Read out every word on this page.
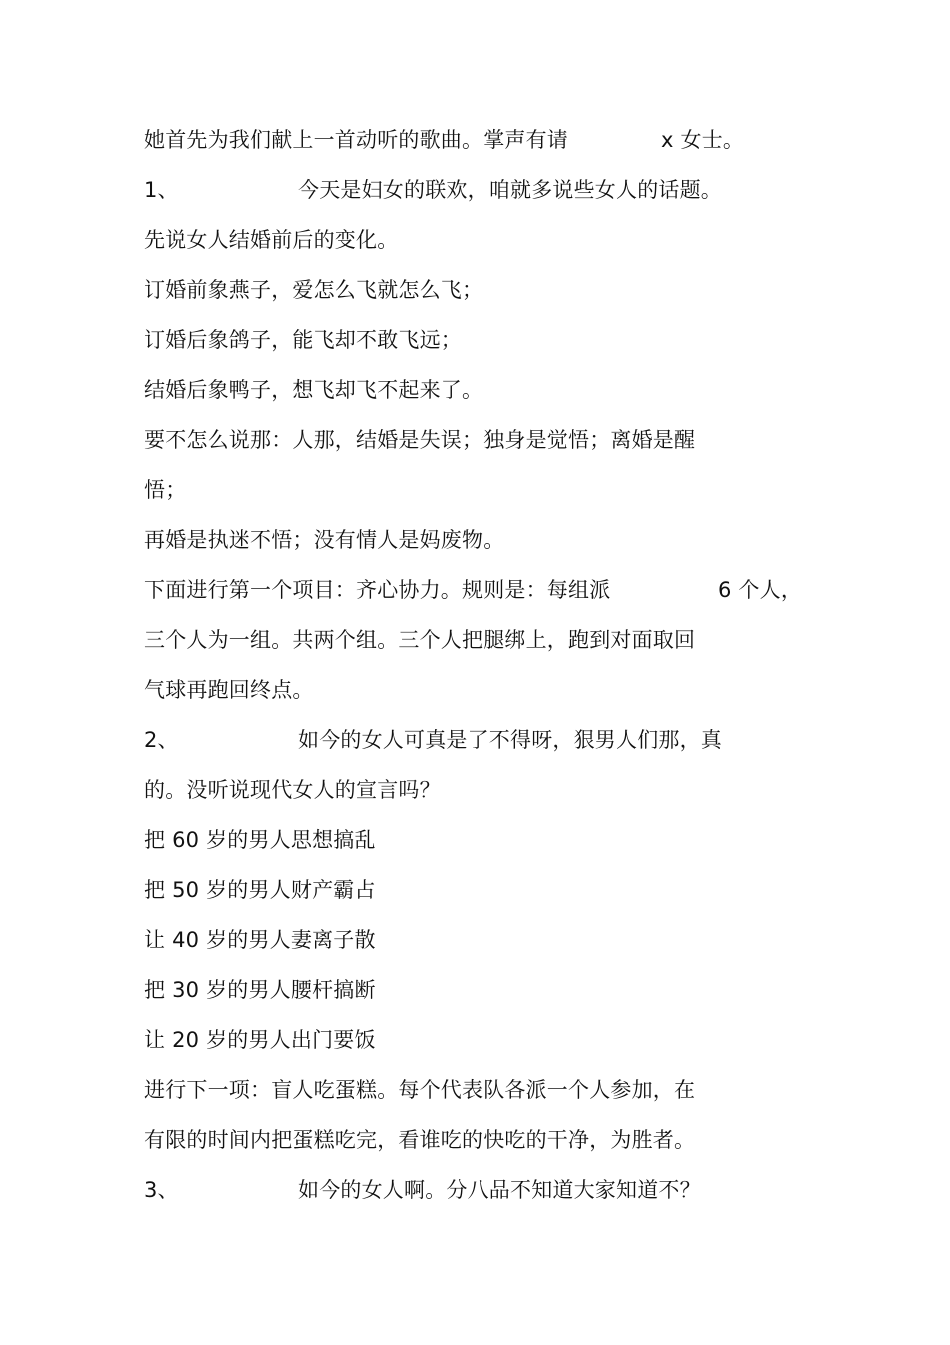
她首先为我们献上一首动听的歌曲。掌声有请	x 女士。
1、	今天是妇女的联欢，咱就多说些女人的话题。
先说女人结婚前后的变化。
订婚前象燕子，爱怎么飞就怎么飞；
订婚后象鸽子，能飞却不敢飞远；
结婚后象鸭子，想飞却飞不起来了。
要不怎么说那：人那，结婚是失误；独身是觉悟；离婚是醒
悟；
再婚是执迷不悟；没有情人是妈废物。
下面进行第一个项目：齐心协力。规则是：每组派	6 个人，
三个人为一组。共两个组。三个人把腿绑上，跑到对面取回
气球再跑回终点。
2、	如今的女人可真是了不得呀，狠男人们那，真
的。没听说现代女人的宣言吗？
把 60 岁的男人思想搞乱
把 50 岁的男人财产霸占
让 40 岁的男人妻离子散
把 30 岁的男人腰杆搞断
让 20 岁的男人出门要饭
进行下一项：盲人吃蛋糕。每个代表队各派一个人参加，在
有限的时间内把蛋糕吃完，看谁吃的快吃的干净，为胜者。
3、	如今的女人啊。分八品不知道大家知道不？
